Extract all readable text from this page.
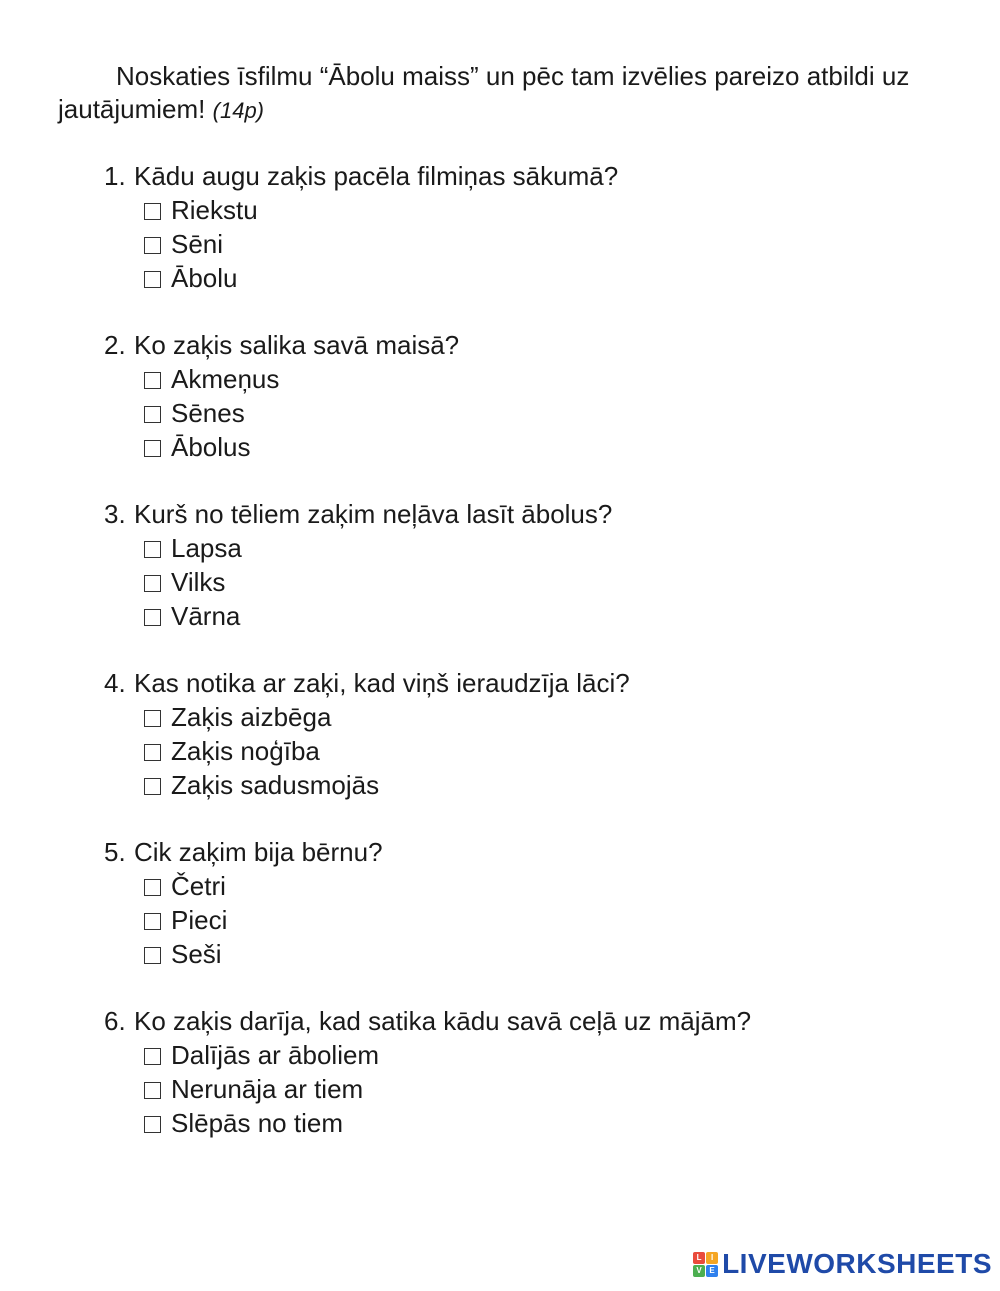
Noskaties īsfilmu “Ābolu maiss” un pēc tam izvēlies pareizo atbildi uz jautājumiem! (14p)
1. Kādu augu zaķis pacēla filmiņas sākumā?
Riekstu
Sēni
Ābolu
2. Ko zaķis salika savā maisā?
Akmeņus
Sēnes
Ābolus
3. Kurš no tēliem zaķim neļāva lasīt ābolus?
Lapsa
Vilks
Vārna
4. Kas notika ar zaķi, kad viņš ieraudzīja lāci?
Zaķis aizbēga
Zaķis noģība
Zaķis sadusmojās
5. Cik zaķim bija bērnu?
Četri
Pieci
Seši
6. Ko zaķis darīja, kad satika kādu savā ceļā uz mājām?
Dalījās ar āboliem
Nerunāja ar tiem
Slēpās no tiem
L	I
V E LIVEWORKSHEETS
